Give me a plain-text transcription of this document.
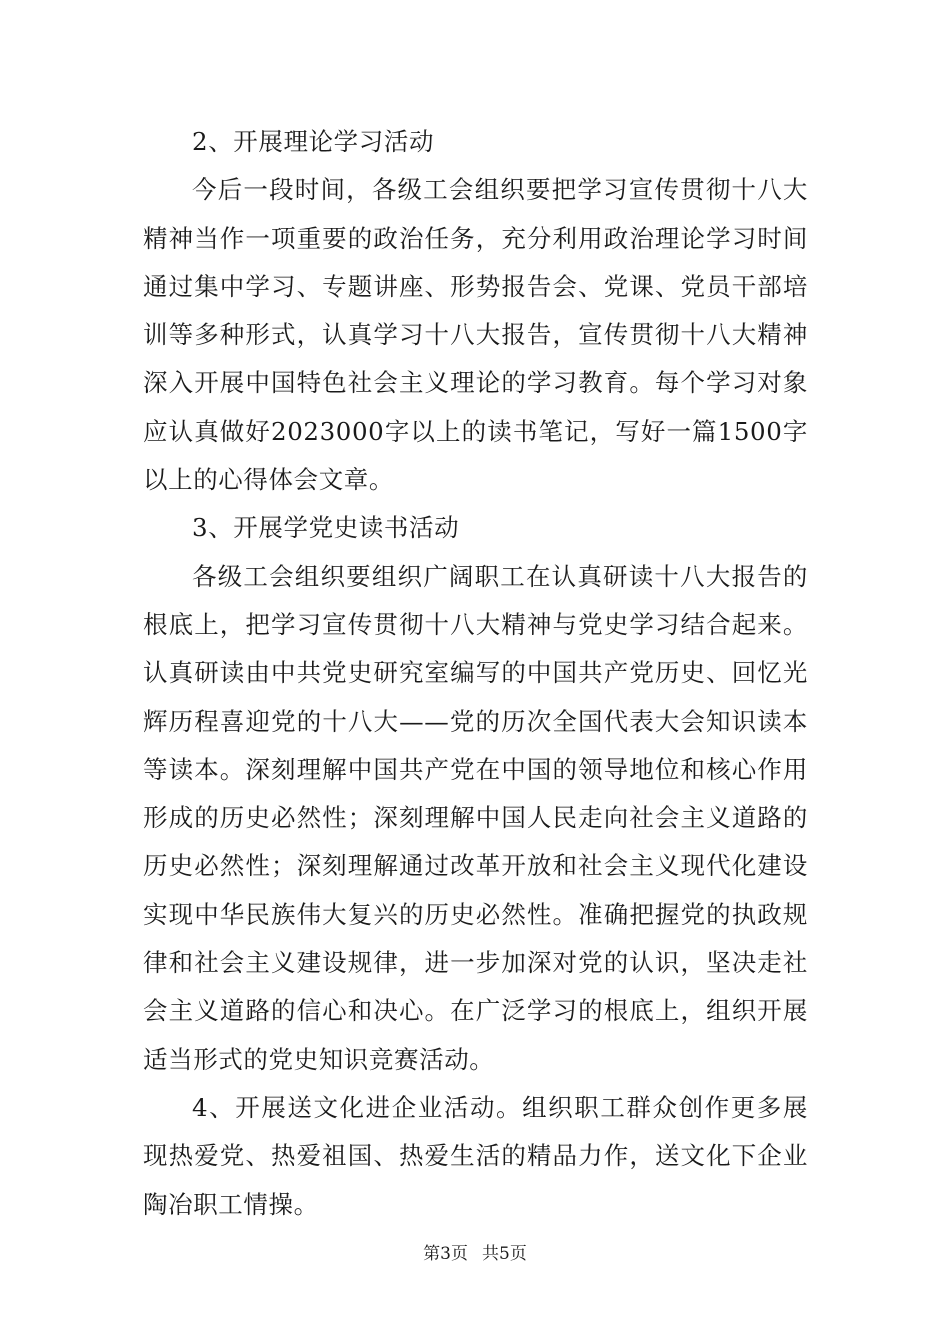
2、开展理论学习活动

今后一段时间，各级工会组织要把学习宣传贯彻十八大精神当作一项重要的政治任务，充分利用政治理论学习时间通过集中学习、专题讲座、形势报告会、党课、党员干部培训等多种形式，认真学习十八大报告，宣传贯彻十八大精神深入开展中国特色社会主义理论的学习教育。每个学习对象应认真做好2023000字以上的读书笔记，写好一篇1500字以上的心得体会文章。

3、开展学党史读书活动

各级工会组织要组织广阔职工在认真研读十八大报告的根底上，把学习宣传贯彻十八大精神与党史学习结合起来。认真研读由中共党史研究室编写的中国共产党历史、回忆光辉历程喜迎党的十八大——党的历次全国代表大会知识读本等读本。深刻理解中国共产党在中国的领导地位和核心作用形成的历史必然性；深刻理解中国人民走向社会主义道路的历史必然性；深刻理解通过改革开放和社会主义现代化建设实现中华民族伟大复兴的历史必然性。准确把握党的执政规律和社会主义建设规律，进一步加深对党的认识，坚决走社会主义道路的信心和决心。在广泛学习的根底上，组织开展适当形式的党史知识竞赛活动。

4、开展送文化进企业活动。组织职工群众创作更多展现热爱党、热爱祖国、热爱生活的精品力作，送文化下企业陶冶职工情操。

第3页 共5页
